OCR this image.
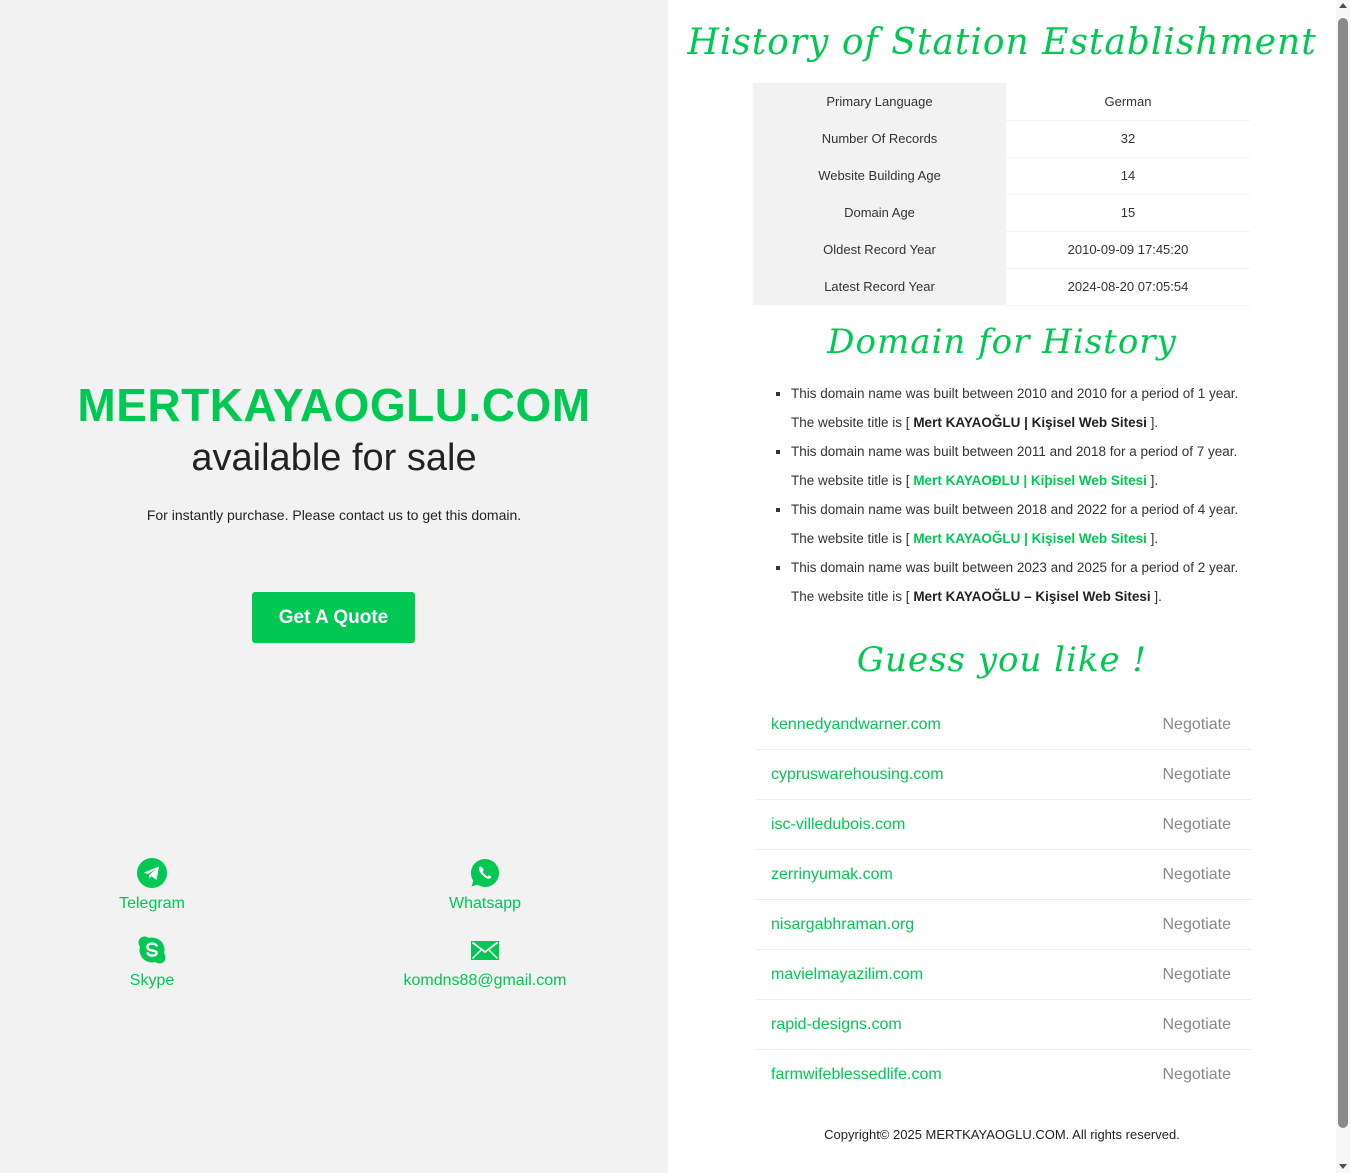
MERTKAYAOGLU.COM
available for sale
For instantly purchase. Please contact us to get this domain.
Get A Quote
Telegram	Whatsapp
Skype	komdns88@gmail.com
History of Station Establishment
Primary Language	German
Number Of Records	32
Website Building Age	14
Domain Age	15
Oldest Record Year	2010-09-09 17:45:20
Latest Record Year	2024-08-20 07:05:54
Domain for History
▪ This domain name was built between 2010 and 2010 for a period of 1 year. The website title is [ Mert KAYAOĞLU | Kişisel Web Sitesi ].
▪ This domain name was built between 2011 and 2018 for a period of 7 year. The website title is [ Mert KAYAOÐLU | Kiþisel Web Sitesi ].
▪ This domain name was built between 2018 and 2022 for a period of 4 year. The website title is [ Mert KAYAOĞLU | Kişisel Web Sitesi ].
▪ This domain name was built between 2023 and 2025 for a period of 2 year. The website title is [ Mert KAYAOĞLU – Kişisel Web Sitesi ].
Guess you like !
kennedyandwarner.com	Negotiate
cypruswarehousing.com	Negotiate
isc-villedubois.com	Negotiate
zerrinyumak.com	Negotiate
nisargabhraman.org	Negotiate
mavielmayazilim.com	Negotiate
rapid-designs.com	Negotiate
farmwifeblessedlife.com	Negotiate
Copyright© 2025 MERTKAYAOGLU.COM. All rights reserved.
